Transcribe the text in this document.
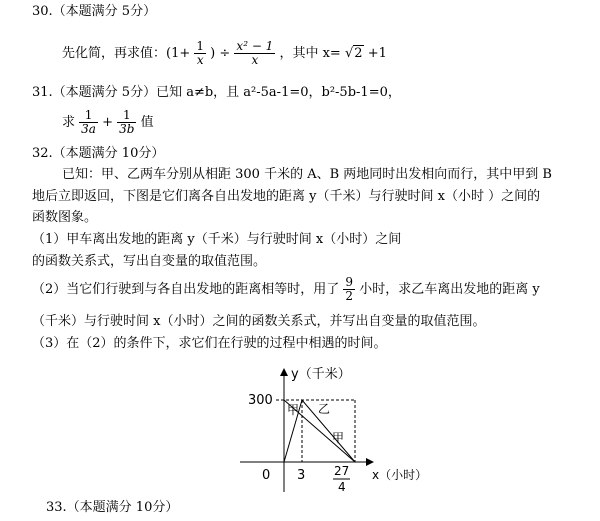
30.（本题满分 5分）
先化简，再求值：($1+ \frac{1}{x}$ ) ÷ $\frac{\text{x² − 1}}{x}$ ，其中 x= √2 +1
31.（本题满分 5分）已知 a≠b，且 a²-5a-1=0，b²-5b-1=0，
求 $\frac{1}{3a} + \frac{1}{3b}$ 值
32.（本题满分 10分）
已知：甲、乙两车分别从相距 300 千米的 A、B 两地同时出发相向而行，其中甲到 B
地后立即返回，下图是它们离各自出发地的距离 y（千米）与行驶时间 x（小时 ）之间的
函数图象。
（1）甲车离出发地的距离 y（千米）与行驶时间 x（小时）之间
的函数关系式，写出自变量的取值范围。
（2）当它们行驶到与各自出发地的距离相等时，用了 $\frac{9}{2}$ 小时，求乙车离出发地的距离 y
（千米）与行驶时间 x（小时）之间的函数关系式，并写出自变量的取值范围。
（3）在（2）的条件下，求它们在行驶的过程中相遇的时间。
y（千米）
300
甲 乙
甲
0 3 27
4
x（小时）
33.（本题满分 10分）
